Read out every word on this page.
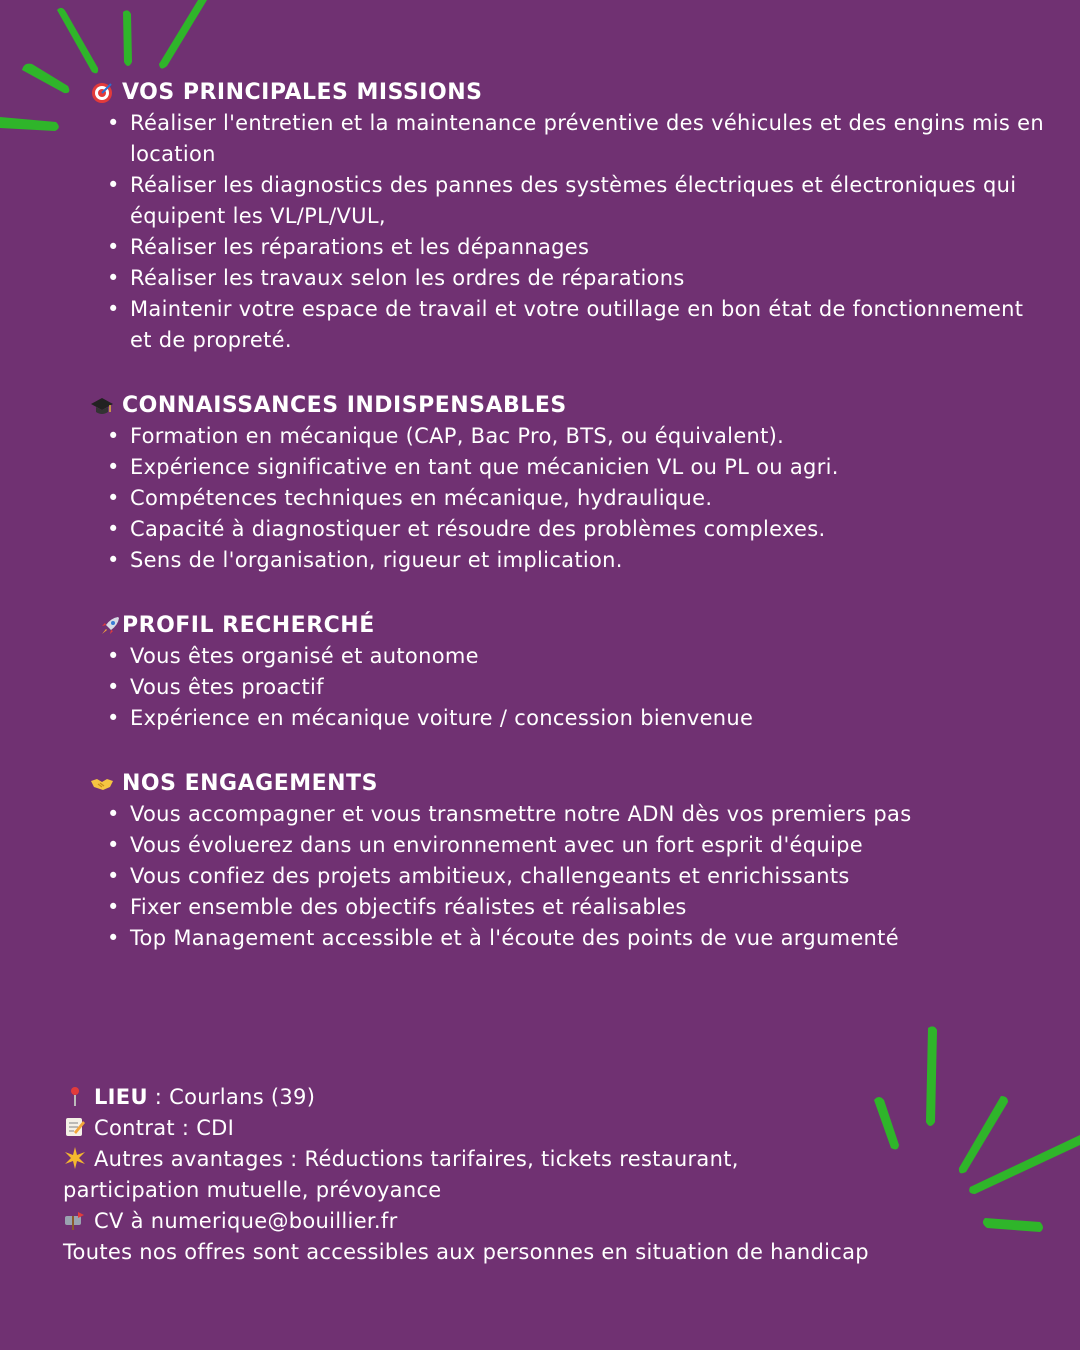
VOS PRINCIPALES MISSIONS
• Réaliser l'entretien et la maintenance préventive des véhicules et des engins mis en location
• Réaliser les diagnostics des pannes des systèmes électriques et électroniques qui équipent les VL/PL/VUL,
• Réaliser les réparations et les dépannages
• Réaliser les travaux selon les ordres de réparations
• Maintenir votre espace de travail et votre outillage en bon état de fonctionnement et de propreté.
CONNAISSANCES INDISPENSABLES
• Formation en mécanique (CAP, Bac Pro, BTS, ou équivalent).
• Expérience significative en tant que mécanicien VL ou PL ou agri.
• Compétences techniques en mécanique, hydraulique.
• Capacité à diagnostiquer et résoudre des problèmes complexes.
• Sens de l'organisation, rigueur et implication.
PROFIL RECHERCHÉ
• Vous êtes organisé et autonome
• Vous êtes proactif
• Expérience en mécanique voiture / concession bienvenue
NOS ENGAGEMENTS
• Vous accompagner et vous transmettre notre ADN dès vos premiers pas
• Vous évoluerez dans un environnement avec un fort esprit d'équipe
• Vous confiez des projets ambitieux, challengeants et enrichissants
• Fixer ensemble des objectifs réalistes et réalisables
• Top Management accessible et à l'écoute des points de vue argumenté
LIEU : Courlans (39)
Contrat : CDI
Autres avantages : Réductions tarifaires, tickets restaurant,
participation mutuelle, prévoyance
CV à numerique@bouillier.fr
Toutes nos offres sont accessibles aux personnes en situation de handicap
